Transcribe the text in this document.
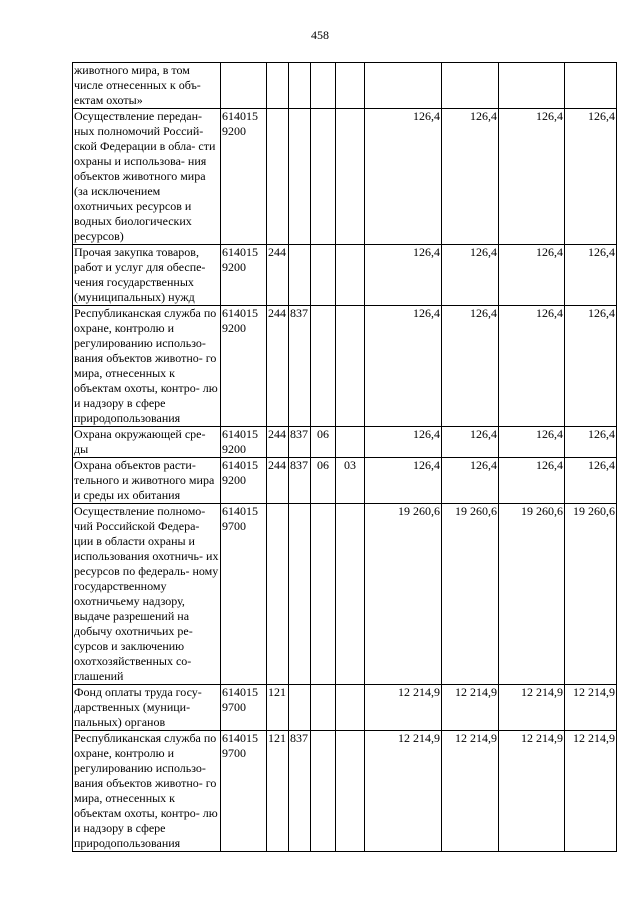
458
животного мира, в том числе отнесенных к объ- ектам охоты»									
Осуществление передан- ных полномочий Россий- ской Федерации в обла- сти охраны и использова- ния объектов животного мира (за исключением охотничьих ресурсов и водных биологических ресурсов)	614015 9200					126,4	126,4	126,4	126,4
Прочая закупка товаров, работ и услуг для обеспе- чения государственных (муниципальных) нужд	614015 9200	244				126,4	126,4	126,4	126,4
Республиканская служба по охране, контролю и регулированию использо- вания объектов животно- го мира, отнесенных к объектам охоты, контро- лю и надзору в сфере природопользования	614015 9200	244	837			126,4	126,4	126,4	126,4
Охрана окружающей сре- ды	614015 9200	244	837	06		126,4	126,4	126,4	126,4
Охрана объектов расти- тельного и животного мира и среды их обитания	614015 9200	244	837	06	03	126,4	126,4	126,4	126,4
Осуществление полномо- чий Российской Федера- ции в области охраны и использования охотничь- их ресурсов по федераль- ному государственному охотничьему надзору, выдаче разрешений на добычу охотничьих ре- сурсов и заключению охотхозяйственных со- глашений	614015 9700					19 260,6	19 260,6	19 260,6	19 260,6
Фонд оплаты труда госу- дарственных (муници- пальных) органов	614015 9700	121				12 214,9	12 214,9	12 214,9	12 214,9
Республиканская служба по охране, контролю и регулированию использо- вания объектов животно- го мира, отнесенных к объектам охоты, контро- лю и надзору в сфере природопользования	614015 9700	121	837			12 214,9	12 214,9	12 214,9	12 214,9
